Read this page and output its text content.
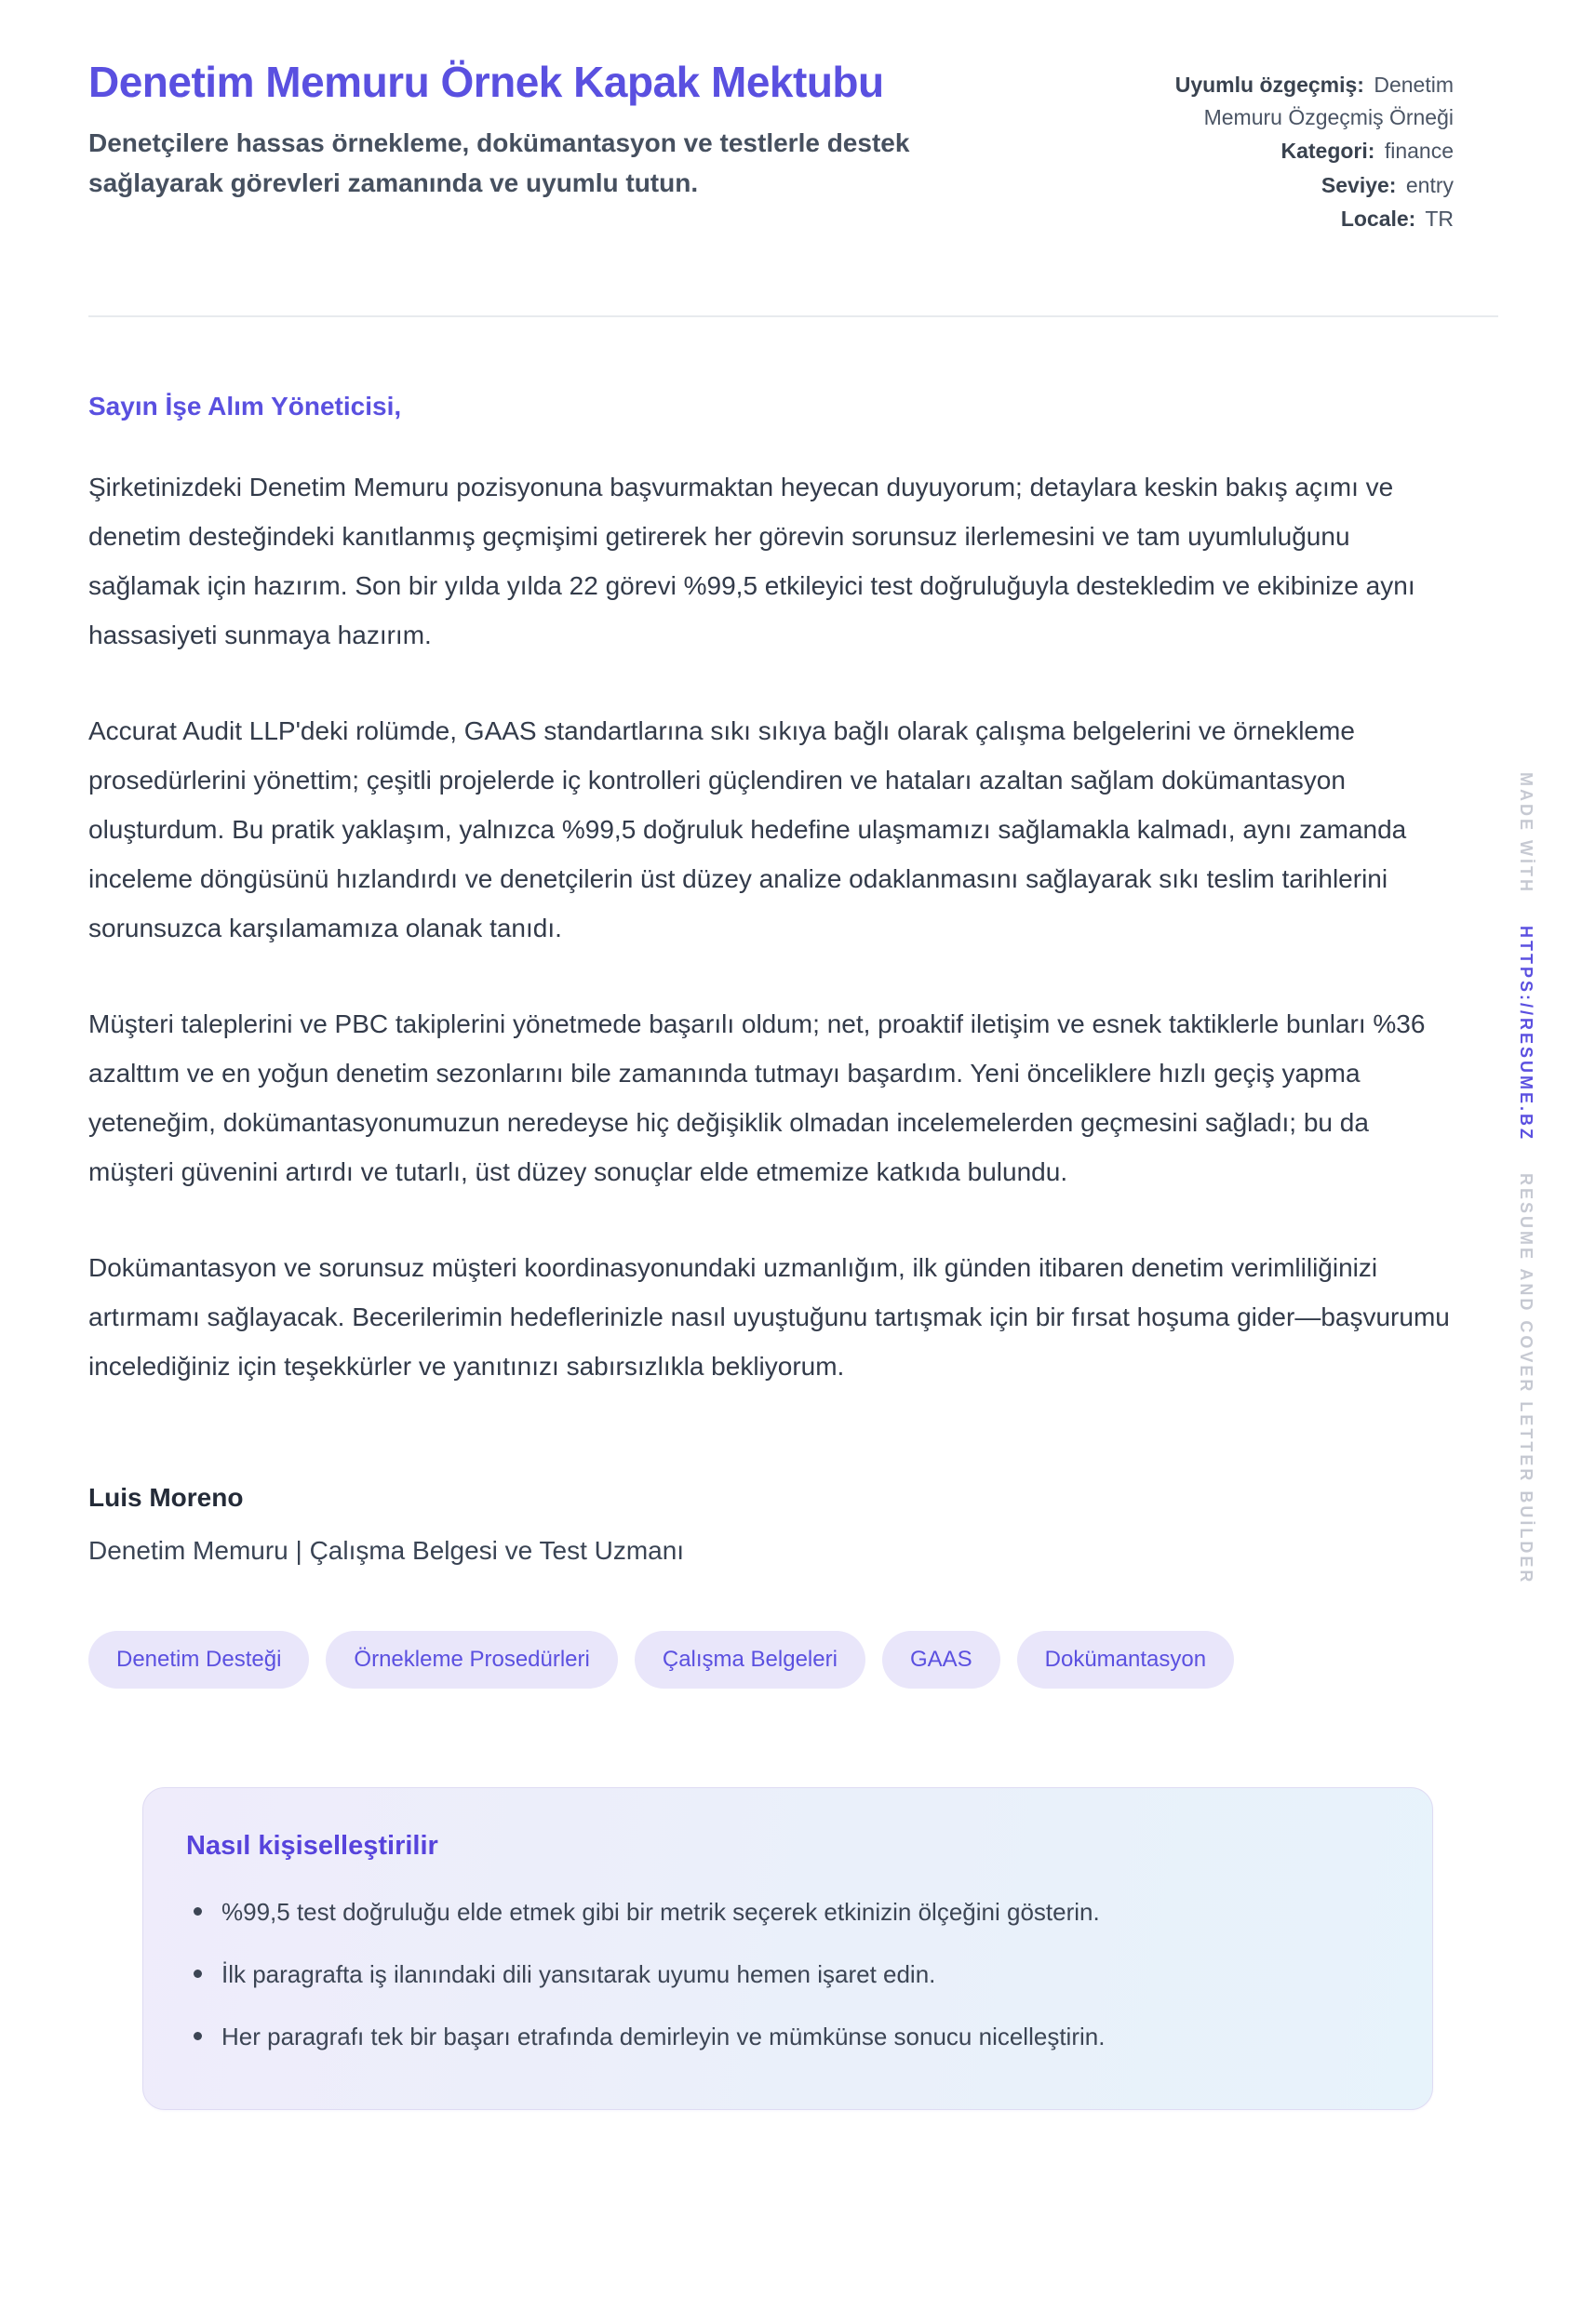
Denetim Memuru Örnek Kapak Mektubu
Denetçilere hassas örnekleme, dokümantasyon ve testlerle destek sağlayarak görevleri zamanında ve uyumlu tutun.
Uyumlu özgeçmiş: Denetim Memuru Özgeçmiş Örneği
Kategori: finance
Seviye: entry
Locale: TR
Sayın İşe Alım Yöneticisi,

Şirketinizdeki Denetim Memuru pozisyonuna başvurmaktan heyecan duyuyorum; detaylara keskin bakış açımı ve denetim desteğindeki kanıtlanmış geçmişimi getirerek her görevin sorunsuz ilerlemesini ve tam uyumluluğunu sağlamak için hazırım. Son bir yılda yılda 22 görevi %99,5 etkileyici test doğruluğuyla destekledim ve ekibinize aynı hassasiyeti sunmaya hazırım.

Accurat Audit LLP'deki rolümde, GAAS standartlarına sıkı sıkıya bağlı olarak çalışma belgelerini ve örnekleme prosedürlerini yönettim; çeşitli projelerde iç kontrolleri güçlendiren ve hataları azaltan sağlam dokümantasyon oluşturdum. Bu pratik yaklaşım, yalnızca %99,5 doğruluk hedefine ulaşmamızı sağlamakla kalmadı, aynı zamanda inceleme döngüsünü hızlandırdı ve denetçilerin üst düzey analize odaklanmasını sağlayarak sıkı teslim tarihlerini sorunsuzca karşılamamıza olanak tanıdı.

Müşteri taleplerini ve PBC takiplerini yönetmede başarılı oldum; net, proaktif iletişim ve esnek taktiklerle bunları %36 azalttım ve en yoğun denetim sezonlarını bile zamanında tutmayı başardım. Yeni önceliklere hızlı geçiş yapma yeteneğim, dokümantasyonumuzun neredeyse hiç değişiklik olmadan incelemelerden geçmesini sağladı; bu da müşteri güvenini artırdı ve tutarlı, üst düzey sonuçlar elde etmemize katkıda bulundu.

Dokümantasyon ve sorunsuz müşteri koordinasyonundaki uzmanlığım, ilk günden itibaren denetim verimliliğinizi artırmamı sağlayacak. Becerilerimin hedeflerinizle nasıl uyuştuğunu tartışmak için bir fırsat hoşuma gider—başvurumu incelediğiniz için teşekkürler ve yanıtınızı sabırsızlıkla bekliyorum.

Luis Moreno
Denetim Memuru | Çalışma Belgesi ve Test Uzmanı
Denetim Desteği	Örnekleme Prosedürleri	Çalışma Belgeleri	GAAS	Dokümantasyon
Nasıl kişiselleştirilir
%99,5 test doğruluğu elde etmek gibi bir metrik seçerek etkinizin ölçeğini gösterin.
İlk paragrafta iş ilanındaki dili yansıtarak uyumu hemen işaret edin.
Her paragrafı tek bir başarı etrafında demirleyin ve mümkünse sonucu nicelleştirin.
MADE WİTH HTTPS://RESUME.BZ RESUME AND COVER LETTER BUİLDER
